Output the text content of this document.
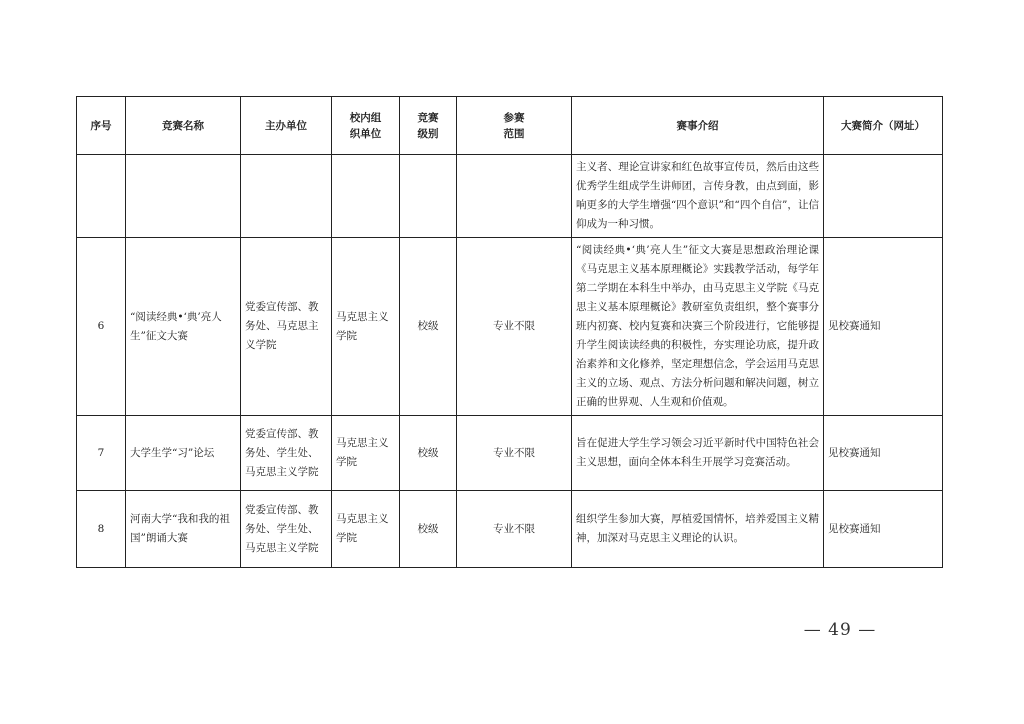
序号	竞赛名称	主办单位	校内组织单位	竞赛级别	参赛范围	赛事介绍	大赛简介（网址）
						主义者、理论宣讲家和红色故事宣传员，然后由这些优秀学生组成学生讲师团，言传身教，由点到面，影响更多的大学生增强“四个意识”和“四个自信”，让信仰成为一种习惯。	
6	“阅读经典•‘典’亮人生”征文大赛	党委宣传部、教务处、马克思主义学院	马克思主义学院	校级	专业不限	“阅读经典•‘典’亮人生”征文大赛是思想政治理论课《马克思主义基本原理概论》实践教学活动，每学年第二学期在本科生中举办，由马克思主义学院《马克思主义基本原理概论》教研室负责组织，整个赛事分班内初赛、校内复赛和决赛三个阶段进行，它能够提升学生阅读读经典的积极性，夯实理论功底，提升政治素养和文化修养，坚定理想信念，学会运用马克思主义的立场、观点、方法分析问题和解决问题，树立正确的世界观、人生观和价值观。	见校赛通知
7	大学生学“习”论坛	党委宣传部、教务处、学生处、马克思主义学院	马克思主义学院	校级	专业不限	旨在促进大学生学习领会习近平新时代中国特色社会主义思想，面向全体本科生开展学习竞赛活动。	见校赛通知
8	河南大学“我和我的祖国”朗诵大赛	党委宣传部、教务处、学生处、马克思主义学院	马克思主义学院	校级	专业不限	组织学生参加大赛，厚植爱国情怀，培养爱国主义精神，加深对马克思主义理论的认识。	见校赛通知
— 49 —
